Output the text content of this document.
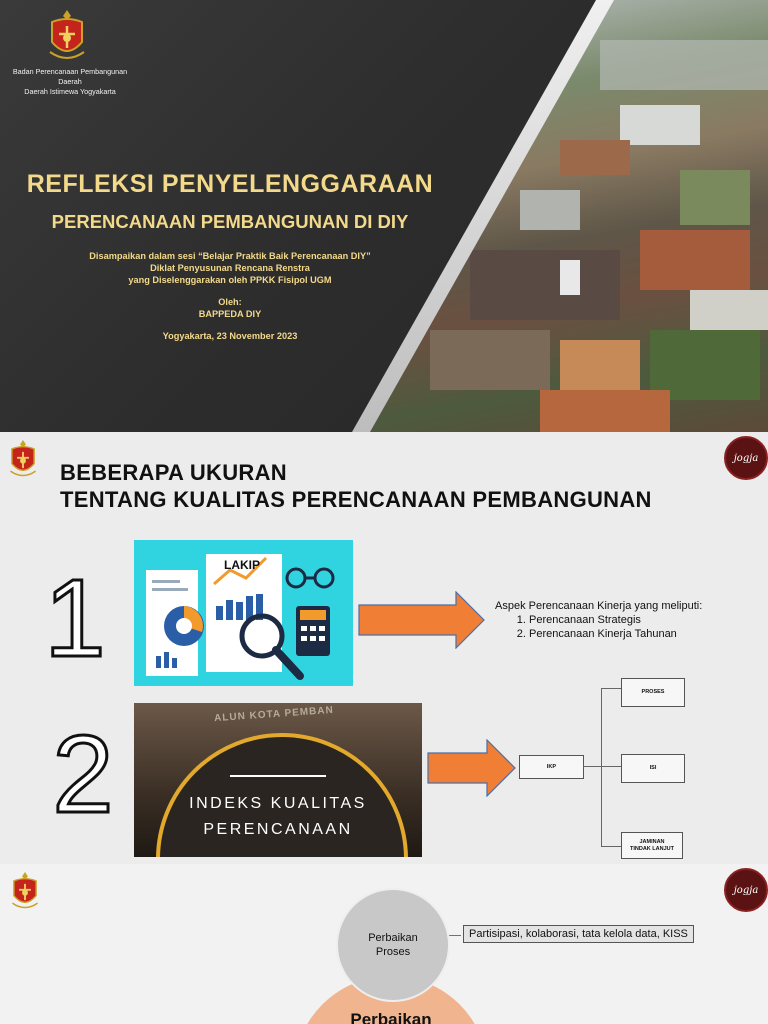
Badan Perencanaan Pembangunan Daerah
Daerah Istimewa Yogyakarta
REFLEKSI PENYELENGGARAAN
PERENCANAAN PEMBANGUNAN DI DIY
Disampaikan dalam sesi “Belajar Praktik Baik Perencanaan DIY”
Diklat Penyusunan Rencana Renstra
yang Diselenggarakan oleh PPKK Fisipol UGM
Oleh:
BAPPEDA DIY
Yogyakarta, 23 November 2023
jogja
BEBERAPA UKURAN
TENTANG KUALITAS PERENCANAAN PEMBANGUNAN
1
2
LAKIP
Aspek Perencanaan Kinerja yang meliputi:
1. Perencanaan Strategis
2. Perencanaan Kinerja Tahunan
ALUN KOTA PEMBAN
INDEKS KUALITAS
PERENCANAAN
IKP
PROSES
ISI
JAMINAN TINDAK LANJUT
jogja
Perbaikan
Perbaikan
Proses
Partisipasi, kolaborasi, tata kelola data, KISS
